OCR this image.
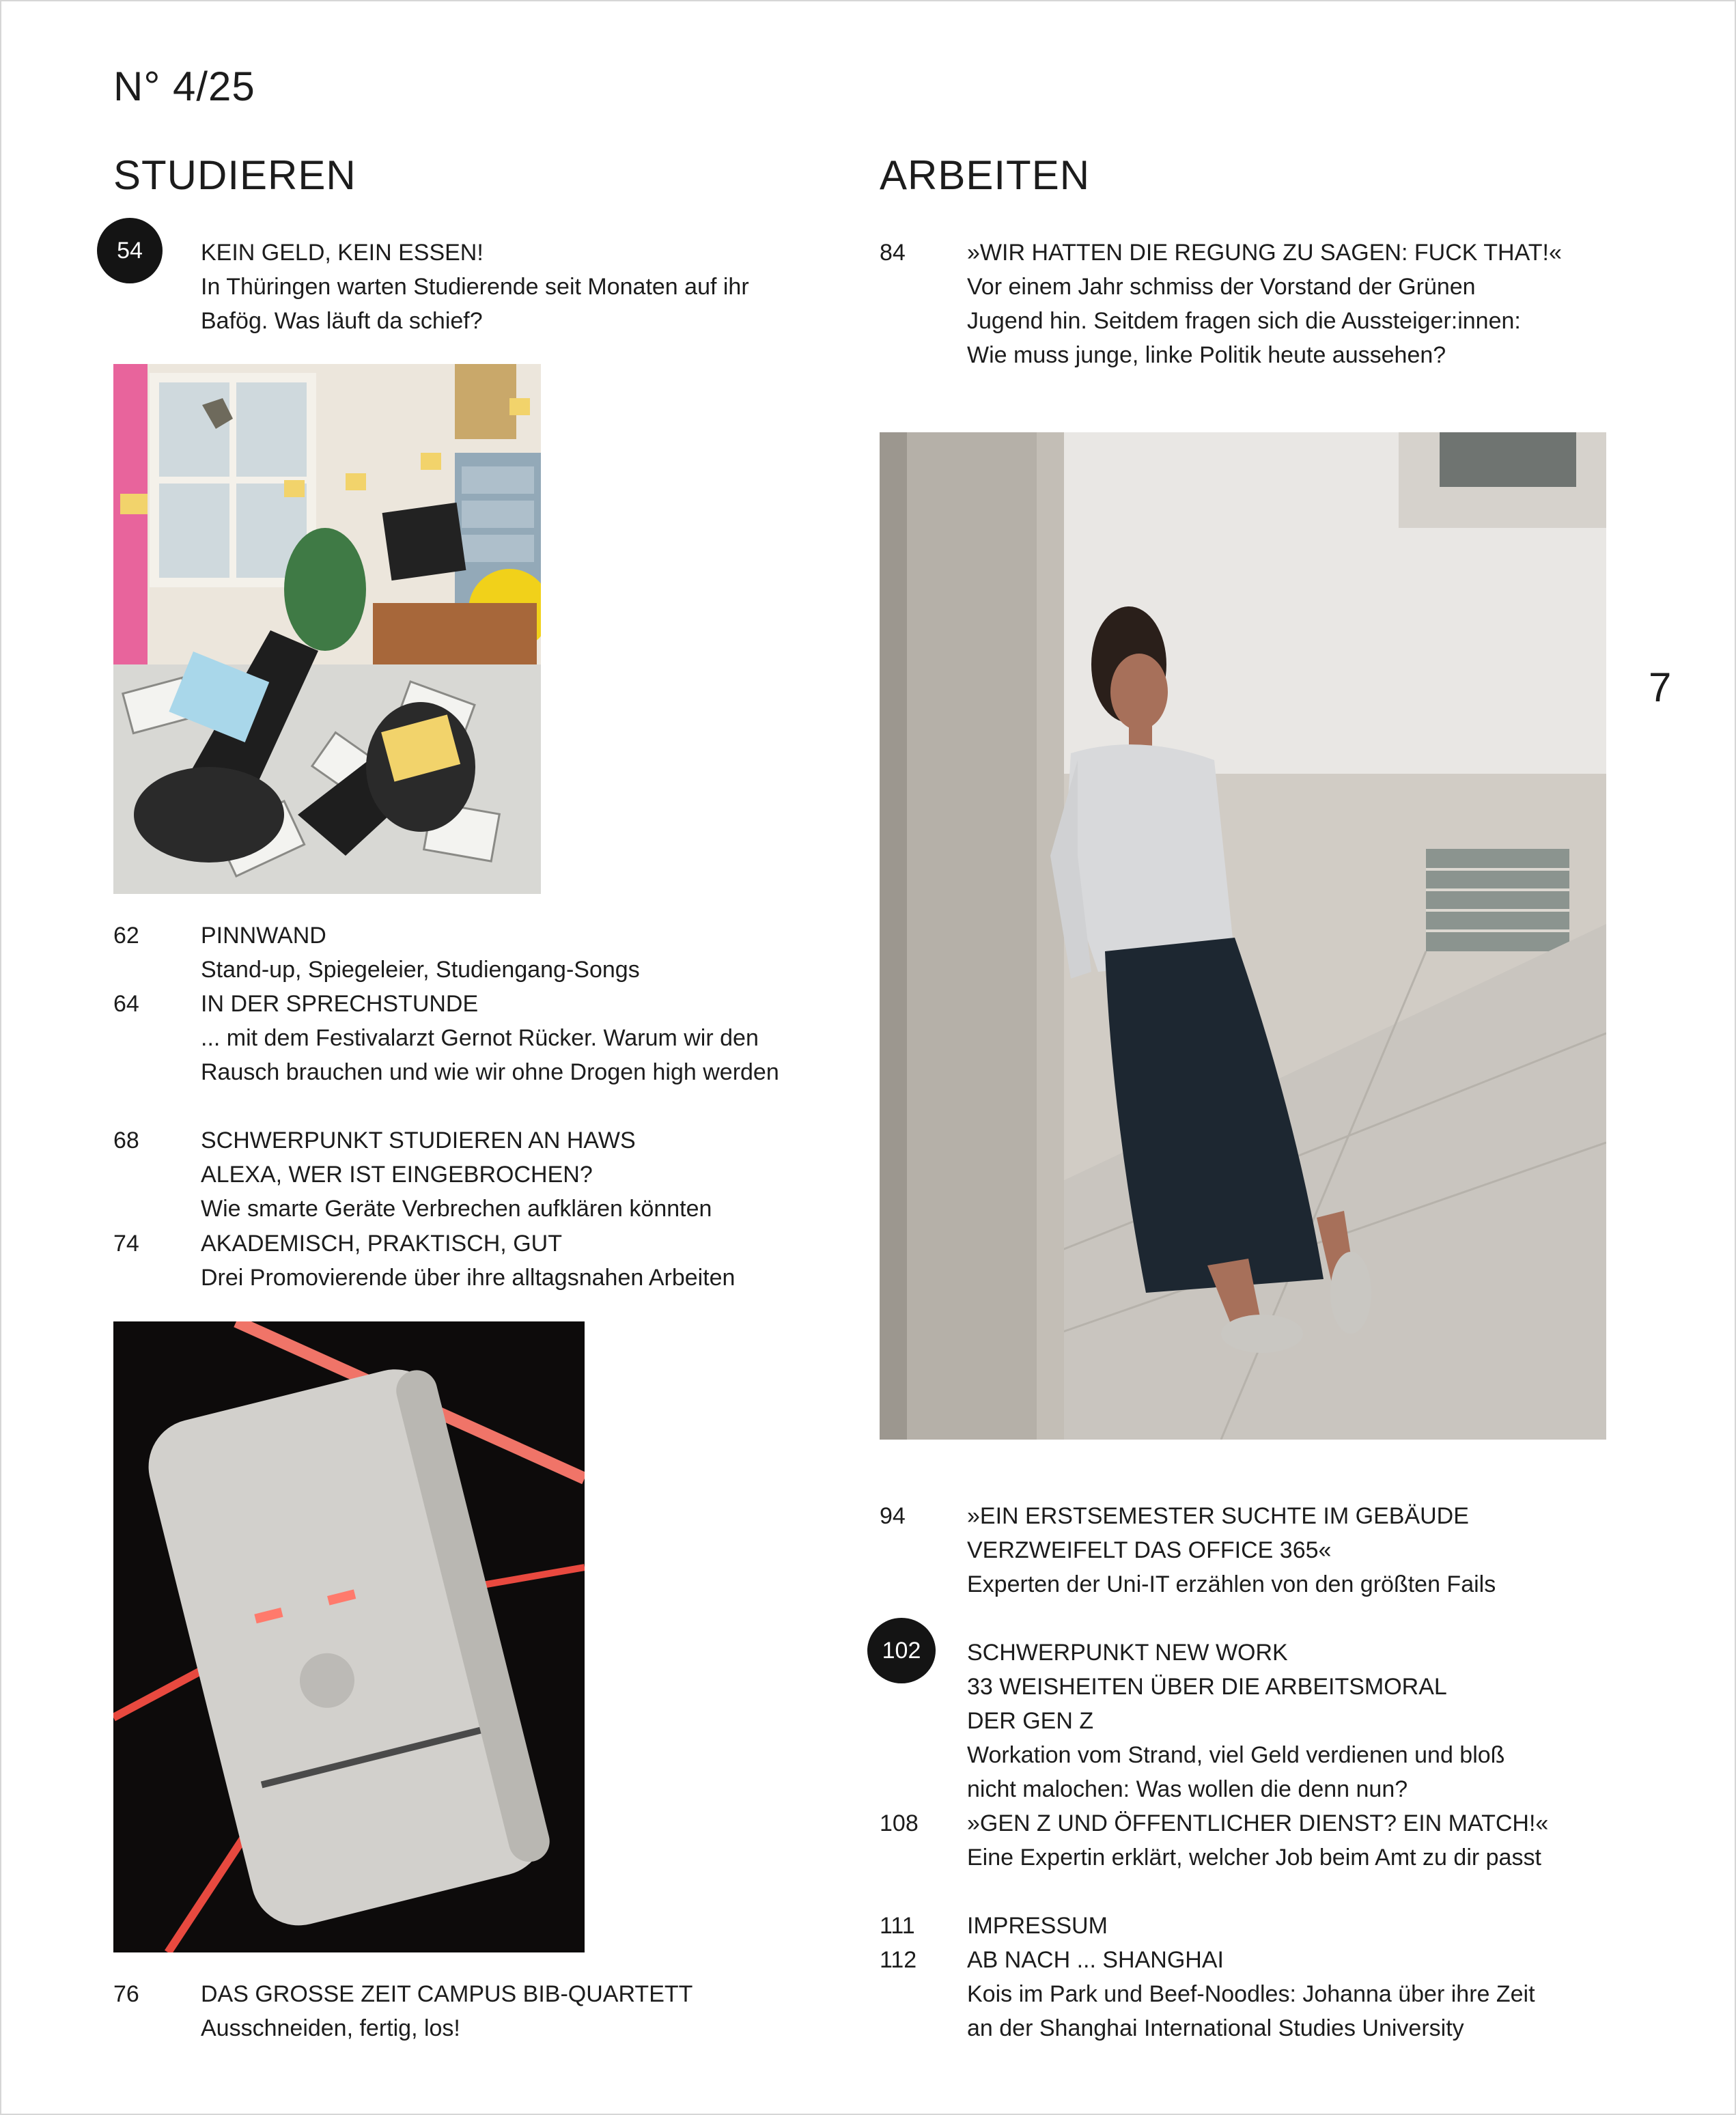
N° 4/25
STUDIEREN	ARBEITEN
7
54	KEIN GELD, KEIN ESSEN!
In Thüringen warten Studierende seit Monaten auf ihr
Bafög. Was läuft da schief?
62	PINNWAND
Stand-up, Spiegeleier, Studiengang-Songs
64	IN DER SPRECHSTUNDE
... mit dem Festivalarzt Gernot Rücker. Warum wir den
Rausch brauchen und wie wir ohne Drogen high werden
68	SCHWERPUNKT STUDIEREN AN HAWS
ALEXA, WER IST EINGEBROCHEN?
Wie smarte Geräte Verbrechen aufklären könnten
74	AKADEMISCH, PRAKTISCH, GUT
Drei Promovierende über ihre alltagsnahen Arbeiten
76	DAS GROSSE ZEIT CAMPUS BIB-QUARTETT
Ausschneiden, fertig, los!
84	»WIR HATTEN DIE REGUNG ZU SAGEN: FUCK THAT!«
Vor einem Jahr schmiss der Vorstand der Grünen
Jugend hin. Seitdem fragen sich die Aussteiger:innen:
Wie muss junge, linke Politik heute aussehen?
94	»EIN ERSTSEMESTER SUCHTE IM GEBÄUDE
VERZWEIFELT DAS OFFICE 365«
Experten der Uni-IT erzählen von den größten Fails
102	SCHWERPUNKT NEW WORK
33 WEISHEITEN ÜBER DIE ARBEITSMORAL
DER GEN Z
Workation vom Strand, viel Geld verdienen und bloß
nicht malochen: Was wollen die denn nun?
108 »GEN Z UND ÖFFENTLICHER DIENST? EIN MATCH!«
Eine Expertin erklärt, welcher Job beim Amt zu dir passt
111 IMPRESSUM
112 AB NACH ... SHANGHAI
Kois im Park und Beef-Noodles: Johanna über ihre Zeit
an der Shanghai International Studies University
